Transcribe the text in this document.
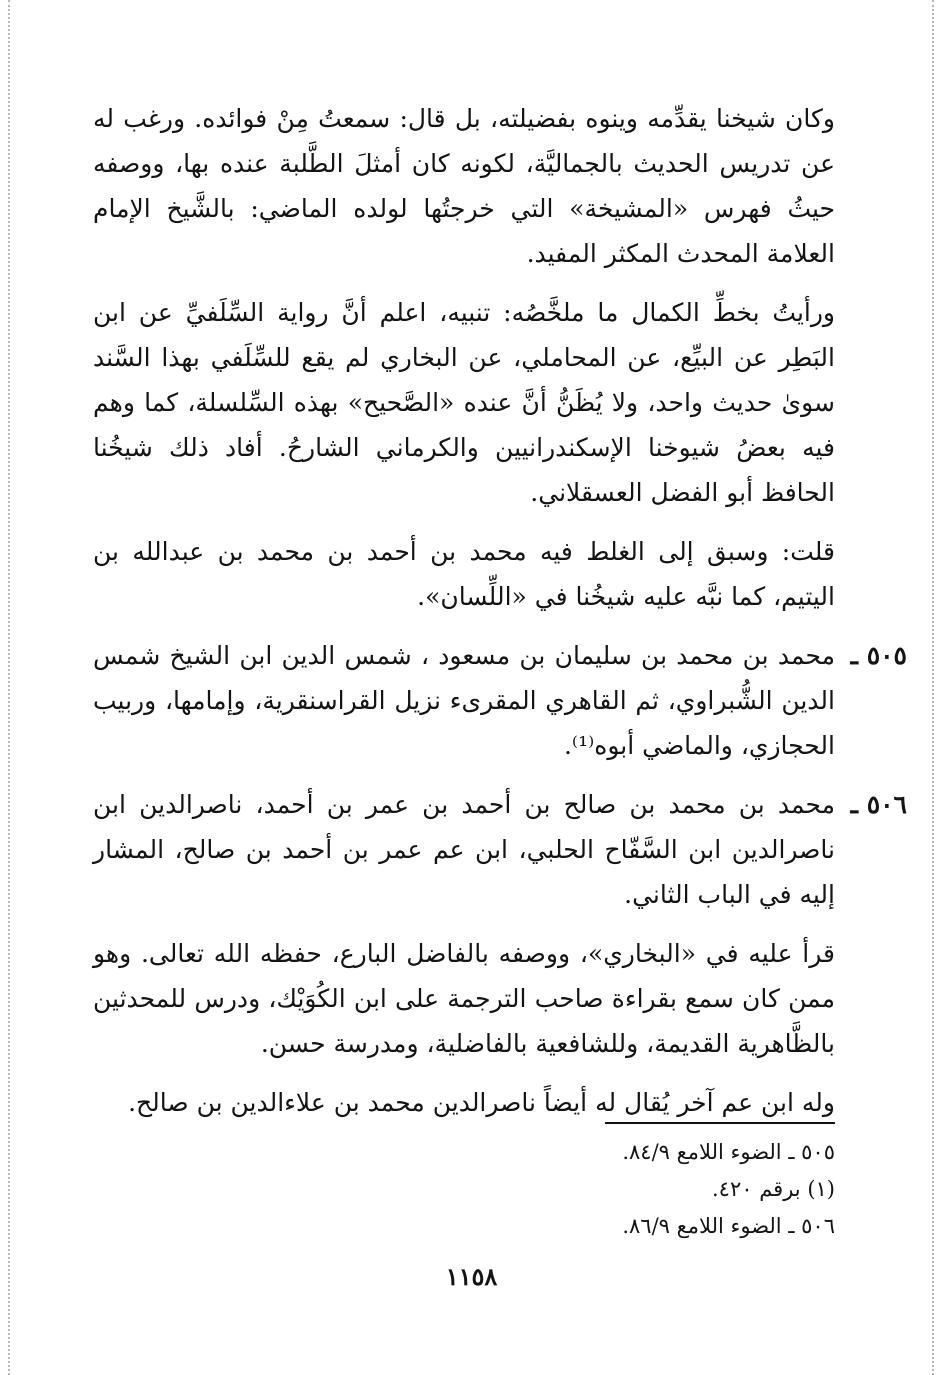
وكان شيخنا يقدِّمه وينوه بفضيلته، بل قال: سمعتُ مِنْ فوائده. ورغب له عن تدريس الحديث بالجماليَّة، لكونه كان أمثلَ الطَّلبة عنده بها، ووصفه حيثُ فهرس «المشيخة» التي خرجتُها لولده الماضي: بالشَّيخ الإمام العلامة المحدث المكثر المفيد.

ورأيتُ بخطِّ الكمال ما ملخَّصُه: تنبيه، اعلم أنَّ رواية السِّلَفيِّ عن ابن البَطِر عن البيِّع، عن المحاملي، عن البخاري لم يقع للسِّلَفي بهذا السَّند سوىٰ حديث واحد، ولا يُظَنُّ أنَّ عنده «الصَّحيح» بهذه السِّلسلة، كما وهم فيه بعضُ شيوخنا الإسكندرانيين والكرماني الشارحُ. أفاد ذلك شيخُنا الحافظ أبو الفضل العسقلاني.

قلت: وسبق إلى الغلط فيه محمد بن أحمد بن محمد بن عبدالله بن اليتيم، كما نبَّه عليه شيخُنا في «اللِّسان».

٥٠٥ ـ
محمد بن محمد بن سليمان بن مسعود ، شمس الدين ابن الشيخ شمس الدين الشُّبراوي، ثم القاهري المقرىء نزيل القراسنقرية، وإمامها، وربيب الحجازي، والماضي أبوه⁽¹⁾.
٥٠٦ ـ
محمد بن محمد بن صالح بن أحمد بن عمر بن أحمد، ناصرالدين ابن ناصرالدين ابن السَّفّاح الحلبي، ابن عم عمر بن أحمد بن صالح، المشار إليه في الباب الثاني.

قرأ عليه في «البخاري»، ووصفه بالفاضل البارع، حفظه الله تعالى. وهو ممن كان سمع بقراءة صاحب الترجمة على ابن الكُوَيْك، ودرس للمحدثين بالظَّاهرية القديمة، وللشافعية بالفاضلية، ومدرسة حسن.

وله ابن عم آخر يُقال له أيضاً ناصرالدين محمد بن علاءالدين بن صالح.

٥٠٥ ـ الضوء اللامع ٨٤/٩.

(١) برقم ٤٢٠.

٥٠٦ ـ الضوء اللامع ٨٦/٩.

١١٥٨
